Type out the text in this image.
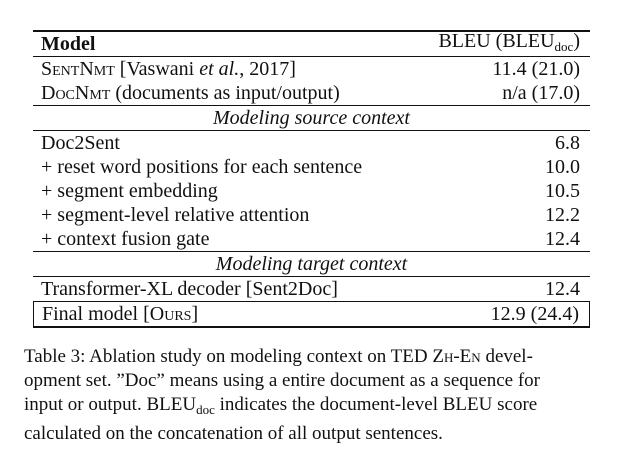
Model	BLEU $(BLEU_{doc})$
SentNmt [Vaswani et al., 2017]	11.4 (21.0)
DocNmt (documents as input/output)	n/a (17.0)
Modeling source context
Doc2Sent	6.8
+ reset word positions for each sentence	10.0
+ segment embedding	10.5
+ segment-level relative attention	12.2
+ context fusion gate	12.4
Modeling target context
Transformer-XL decoder [Sent2Doc]	12.4
Final model [Ours]	12.9 (24.4)
Table 3: Ablation study on modeling context on TED Zh-En devel-
opment set. ”Doc” means using a entire document as a sequence for
input or output. $BLEU_{doc}$ indicates the document-level BLEU score
calculated on the concatenation of all output sentences.
